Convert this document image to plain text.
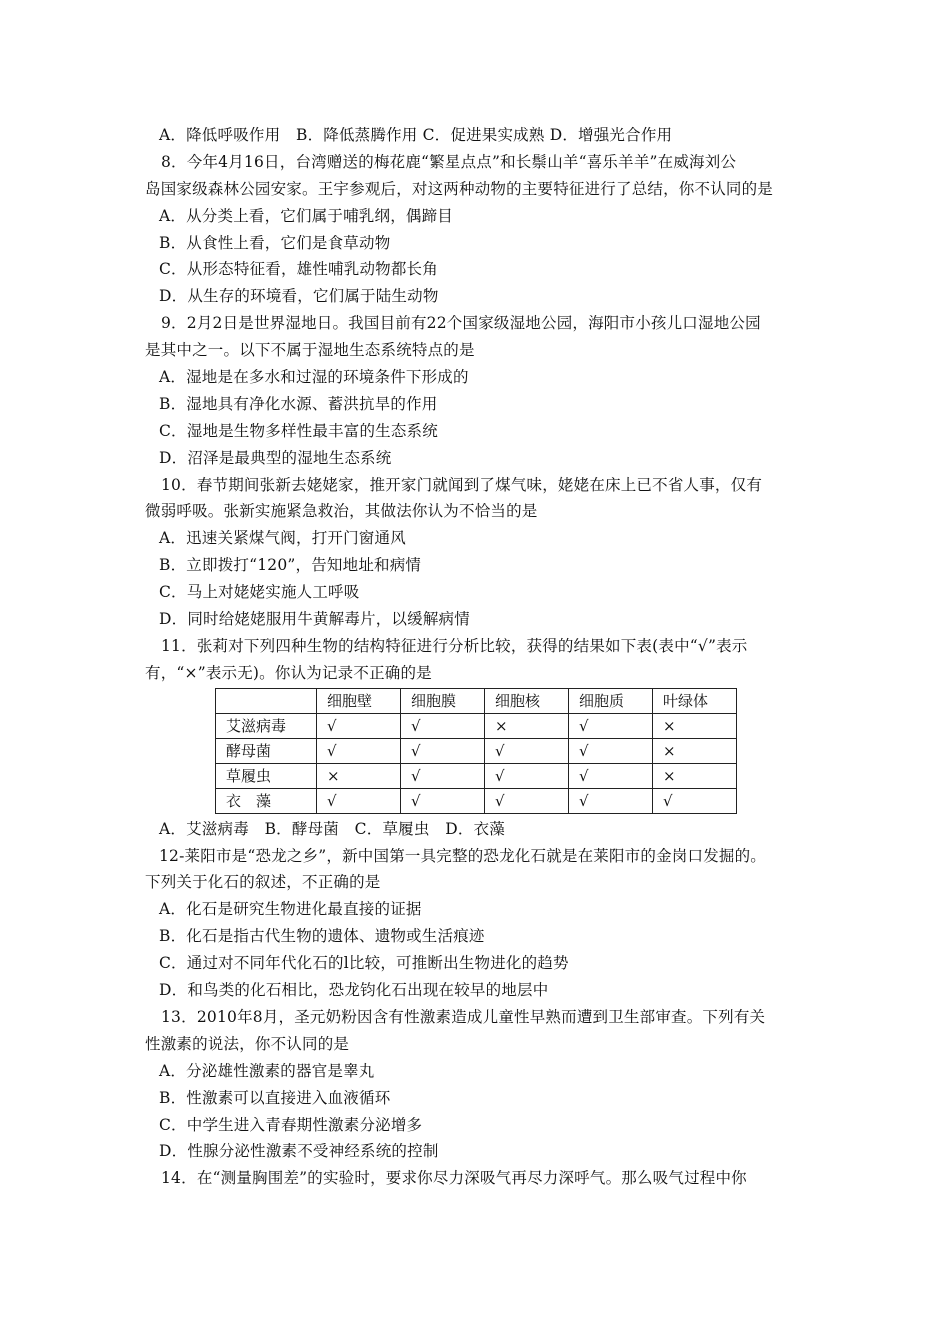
A．降低呼吸作用　B．降低蒸腾作用 C．促进果实成熟 D．增强光合作用
8．今年4月16日，台湾赠送的梅花鹿“繁星点点”和长鬃山羊“喜乐羊羊”在威海刘公
岛国家级森林公园安家。王宇参观后，对这两种动物的主要特征进行了总结，你不认同的是
A．从分类上看，它们属于哺乳纲，偶蹄目
B．从食性上看，它们是食草动物
C．从形态特征看，雄性哺乳动物都长角
D．从生存的环境看，它们属于陆生动物
9．2月2日是世界湿地日。我国目前有22个国家级湿地公园，海阳市小孩儿口湿地公园
是其中之一。以下不属于湿地生态系统特点的是
A．湿地是在多水和过湿的环境条件下形成的
B．湿地具有净化水源、蓄洪抗旱的作用
C．湿地是生物多样性最丰富的生态系统
D．沼泽是最典型的湿地生态系统
10．春节期间张新去姥姥家，推开家门就闻到了煤气味，姥姥在床上已不省人事，仅有
微弱呼吸。张新实施紧急救治，其做法你认为不恰当的是
A．迅速关紧煤气阀，打开门窗通风
B．立即拨打“120”，告知地址和病情
C．马上对姥姥实施人工呼吸
D．同时给姥姥服用牛黄解毒片，以缓解病情
11．张莉对下列四种生物的结构特征进行分析比较，获得的结果如下表(表中“√”表示
有，“×”表示无)。你认为记录不正确的是
	细胞壁	细胞膜	细胞核	细胞质	叶绿体
艾滋病毒	√	√	×	√	×
酵母菌	√	√	√	√	×
草履虫	×	√	√	√	×
衣　藻	√	√	√	√	√
A．艾滋病毒　B．酵母菌　C．草履虫　D．衣藻
12-莱阳市是“恐龙之乡”，新中国第一具完整的恐龙化石就是在莱阳市的金岗口发掘的。
下列关于化石的叙述，不正确的是
A．化石是研究生物进化最直接的证据
B．化石是指古代生物的遗体、遗物或生活痕迹
C．通过对不同年代化石的l比较，可推断出生物进化的趋势
D．和鸟类的化石相比，恐龙钧化石出现在较早的地层中
13．2010年8月，圣元奶粉因含有性激素造成儿童性早熟而遭到卫生部审查。下列有关
性激素的说法，你不认同的是
A．分泌雄性激素的器官是睾丸
B．性激素可以直接进入血液循环
C．中学生进入青春期性激素分泌增多
D．性腺分泌性激素不受神经系统的控制
14．在“测量胸围差”的实验时，要求你尽力深吸气再尽力深呼气。那么吸气过程中你
